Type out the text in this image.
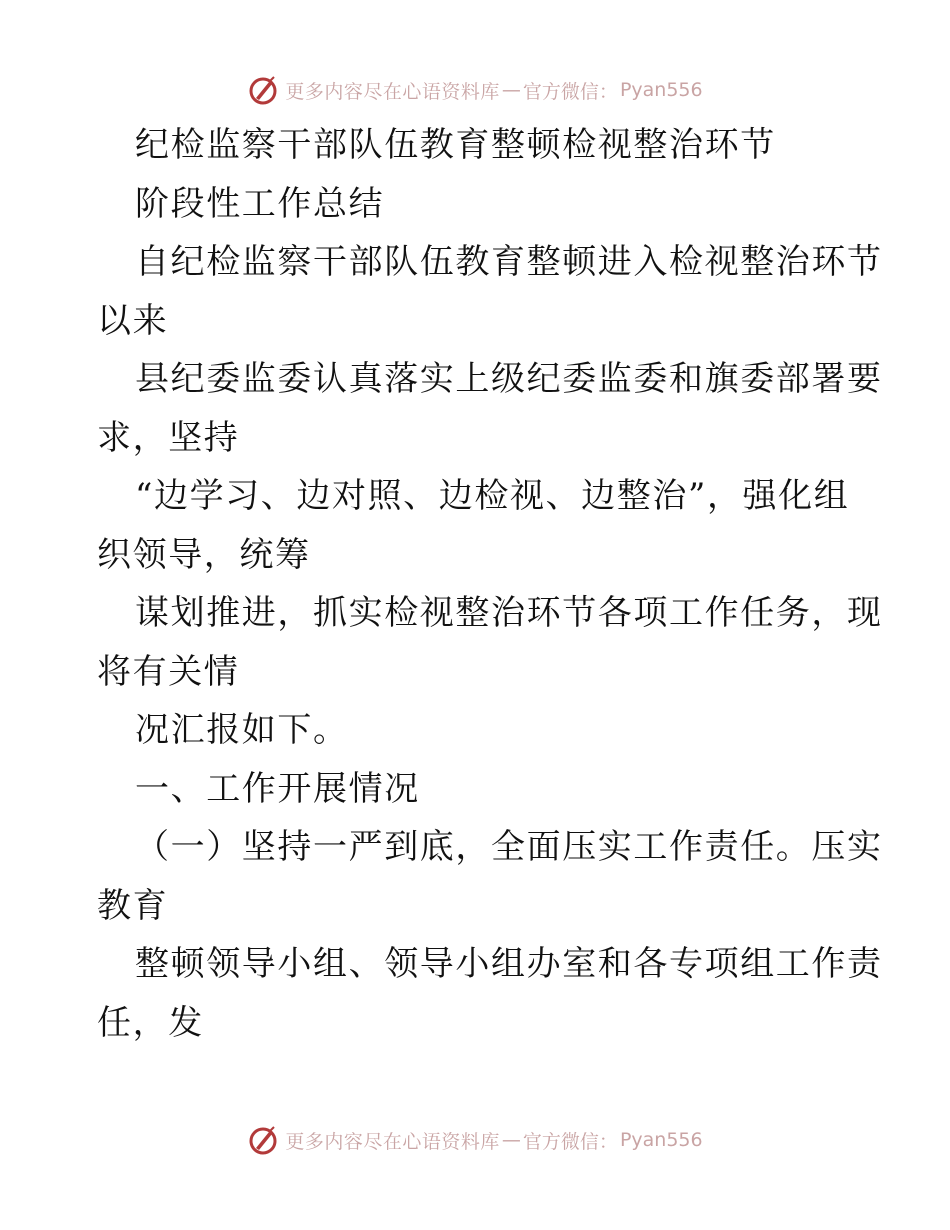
更多内容尽在心语资料库 — 官方微信： Pyan556
纪检监察干部队伍教育整顿检视整治环节
阶段性工作总结
自纪检监察干部队伍教育整顿进入检视整治环节
以来
县纪委监委认真落实上级纪委监委和旗委部署要
求，坚持
“边学习、边对照、边检视、边整治”，强化组
织领导，统筹
谋划推进，抓实检视整治环节各项工作任务，现
将有关情
况汇报如下。
一、工作开展情况
（一）坚持一严到底，全面压实工作责任。压实
教育
整顿领导小组、领导小组办室和各专项组工作责
任，发
更多内容尽在心语资料库 — 官方微信： Pyan556
